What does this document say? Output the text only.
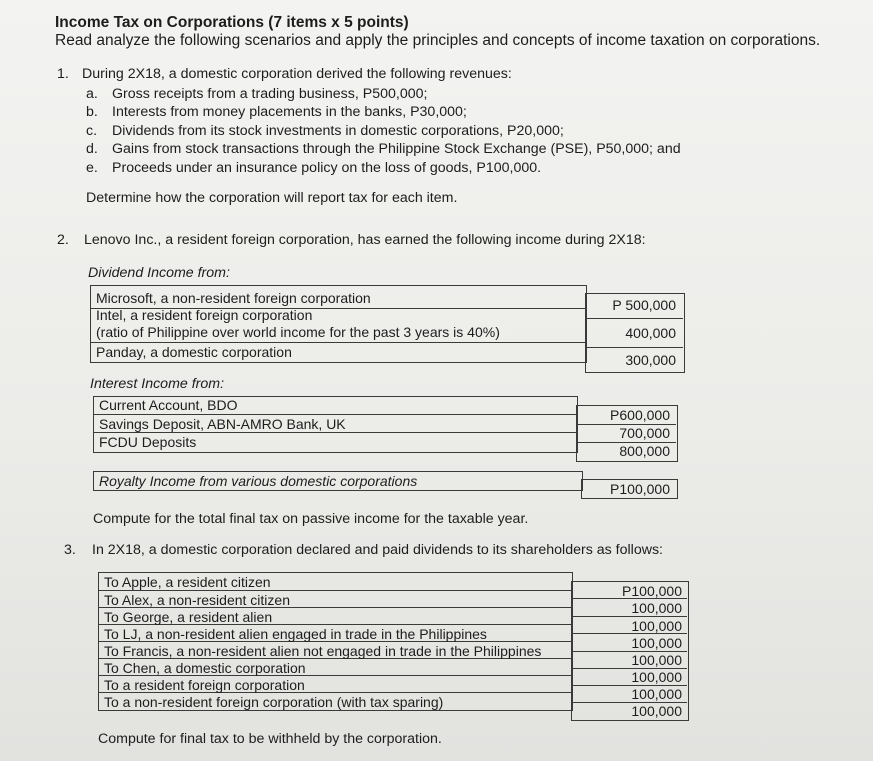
Income Tax on Corporations (7 items x 5 points)
Read analyze the following scenarios and apply the principles and concepts of income taxation on corporations.
1. During 2X18, a domestic corporation derived the following revenues:
a. Gross receipts from a trading business, P500,000;
b. Interests from money placements in the banks, P30,000;
c. Dividends from its stock investments in domestic corporations, P20,000;
d. Gains from stock transactions through the Philippine Stock Exchange (PSE), P50,000; and
e. Proceeds under an insurance policy on the loss of goods, P100,000.
Determine how the corporation will report tax for each item.
2. Lenovo Inc., a resident foreign corporation, has earned the following income during 2X18:
Dividend Income from:
Microsoft, a non-resident foreign corporation
Intel, a resident foreign corporation
(ratio of Philippine over world income for the past 3 years is 40%)
Panday, a domestic corporation
P 500,000
400,000
300,000
Interest Income from:
Current Account, BDO
Savings Deposit, ABN-AMRO Bank, UK
FCDU Deposits
P600,000
700,000
800,000
Royalty Income from various domestic corporations	P100,000
Compute for the total final tax on passive income for the taxable year.
3. In 2X18, a domestic corporation declared and paid dividends to its shareholders as follows:
To Apple, a resident citizen
To Alex, a non-resident citizen
To George, a resident alien
To LJ, a non-resident alien engaged in trade in the Philippines
To Francis, a non-resident alien not engaged in trade in the Philippines
To Chen, a domestic corporation
To a resident foreign corporation
To a non-resident foreign corporation (with tax sparing)
P100,000
100,000
100,000
100,000
100,000
100,000
100,000
100,000
Compute for final tax to be withheld by the corporation.
